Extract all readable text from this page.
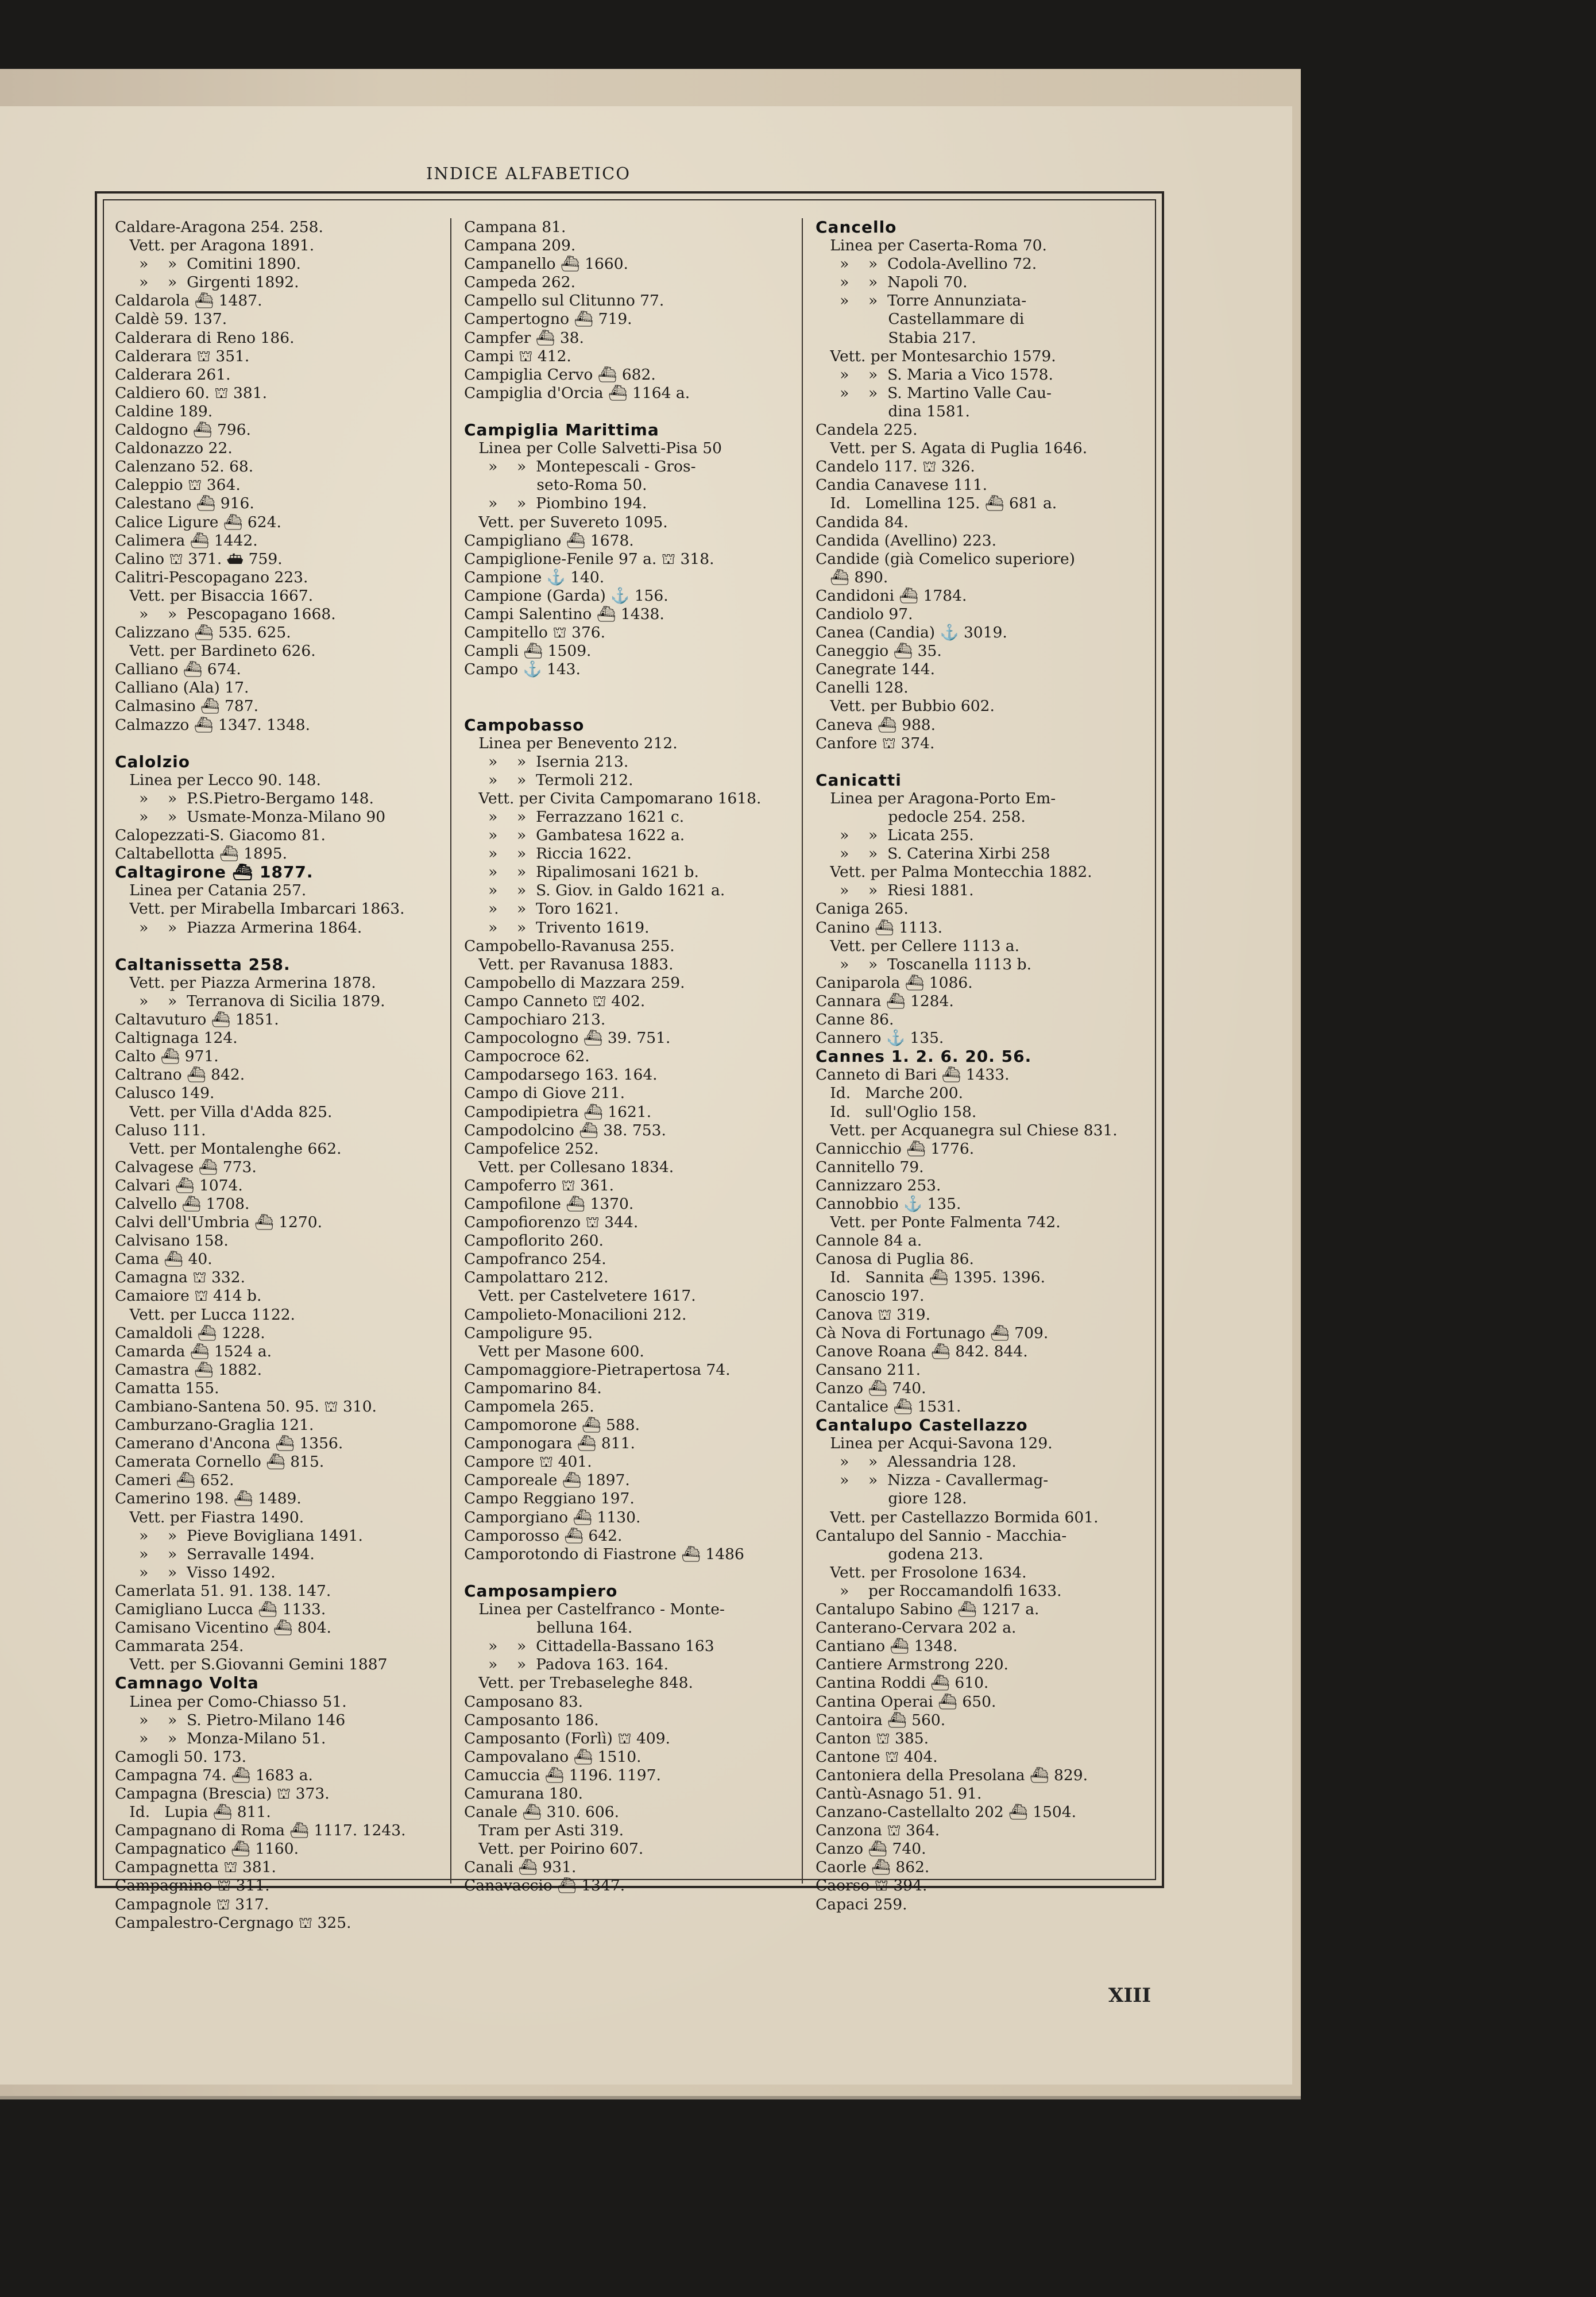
INDICE ALFABETICO
Caldare-Aragona 254. 258.
Vett. per Aragona 1891.
»    »  Comitini 1890.
»    »  Girgenti 1892.
Caldarola ⛴ 1487.
Caldè 59. 137.
Calderara di Reno 186.
Calderara ⛫ 351.
Calderara 261.
Caldiero 60. ⛫ 381.
Caldine 189.
Caldogno ⛴ 796.
Caldonazzo 22.
Calenzano 52. 68.
Caleppio ⛫ 364.
Calestano ⛴ 916.
Calice Ligure ⛴ 624.
Calimera ⛴ 1442.
Calino ⛫ 371. ⛴ 759.
Calitri-Pescopagano 223.
Vett. per Bisaccia 1667.
»    »  Pescopagano 1668.
Calizzano ⛴ 535. 625.
Vett. per Bardineto 626.
Calliano ⛴ 674.
Calliano (Ala) 17.
Calmasino ⛴ 787.
Calmazzo ⛴ 1347. 1348.
Calolzio
Linea per Lecco 90. 148.
»    »  P.S.Pietro-Bergamo 148.
»    »  Usmate-Monza-Milano 90
Calopezzati-S. Giacomo 81.
Caltabellotta ⛴ 1895.
Caltagirone ⛴ 1877.
Linea per Catania 257.
Vett. per Mirabella Imbarcari 1863.
»    »  Piazza Armerina 1864.
Caltanissetta 258.
Vett. per Piazza Armerina 1878.
»    »  Terranova di Sicilia 1879.
Caltavuturo ⛴ 1851.
Caltignaga 124.
Calto ⛴ 971.
Caltrano ⛴ 842.
Calusco 149.
Vett. per Villa d'Adda 825.
Caluso 111.
Vett. per Montalenghe 662.
Calvagese ⛴ 773.
Calvari ⛴ 1074.
Calvello ⛴ 1708.
Calvi dell'Umbria ⛴ 1270.
Calvisano 158.
Cama ⛴ 40.
Camagna ⛫ 332.
Camaiore ⛫ 414 b.
Vett. per Lucca 1122.
Camaldoli ⛴ 1228.
Camarda ⛴ 1524 a.
Camastra ⛴ 1882.
Camatta 155.
Cambiano-Santena 50. 95. ⛫ 310.
Camburzano-Graglia 121.
Camerano d'Ancona ⛴ 1356.
Camerata Cornello ⛴ 815.
Cameri ⛴ 652.
Camerino 198. ⛴ 1489.
Vett. per Fiastra 1490.
»    »  Pieve Bovigliana 1491.
»    »  Serravalle 1494.
»    »  Visso 1492.
Camerlata 51. 91. 138. 147.
Camigliano Lucca ⛴ 1133.
Camisano Vicentino ⛴ 804.
Cammarata 254.
Vett. per S.Giovanni Gemini 1887
Camnago Volta
Linea per Como-Chiasso 51.
»    »  S. Pietro-Milano 146
»    »  Monza-Milano 51.
Camogli 50. 173.
Campagna 74. ⛴ 1683 a.
Campagna (Brescia) ⛫ 373.
Id.   Lupia ⛴ 811.
Campagnano di Roma ⛴ 1117. 1243.
Campagnatico ⛴ 1160.
Campagnetta ⛫ 381.
Campagnino ⛫ 311.
Campagnole ⛫ 317.
Campalestro-Cergnago ⛫ 325.
Campana 81.
Campana 209.
Campanello ⛴ 1660.
Campeda 262.
Campello sul Clitunno 77.
Campertogno ⛴ 719.
Campfer ⛴ 38.
Campi ⛫ 412.
Campiglia Cervo ⛴ 682.
Campiglia d'Orcia ⛴ 1164 a.
Campiglia Marittima
Linea per Colle Salvetti-Pisa 50
»    »  Montepescali - Gros-
seto-Roma 50.
»    »  Piombino 194.
Vett. per Suvereto 1095.
Campigliano ⛴ 1678.
Campiglione-Fenile 97 a. ⛫ 318.
Campione ⚓ 140.
Campione (Garda) ⚓ 156.
Campi Salentino ⛴ 1438.
Campitello ⛫ 376.
Campli ⛴ 1509.
Campo ⚓ 143.
Campobasso
Linea per Benevento 212.
»    »  Isernia 213.
»    »  Termoli 212.
Vett. per Civita Campomarano 1618.
»    »  Ferrazzano 1621 c.
»    »  Gambatesa 1622 a.
»    »  Riccia 1622.
»    »  Ripalimosani 1621 b.
»    »  S. Giov. in Galdo 1621 a.
»    »  Toro 1621.
»    »  Trivento 1619.
Campobello-Ravanusa 255.
Vett. per Ravanusa 1883.
Campobello di Mazzara 259.
Campo Canneto ⛫ 402.
Campochiaro 213.
Campocologno ⛴ 39. 751.
Campocroce 62.
Campodarsego 163. 164.
Campo di Giove 211.
Campodipietra ⛴ 1621.
Campodolcino ⛴ 38. 753.
Campofelice 252.
Vett. per Collesano 1834.
Campoferro ⛫ 361.
Campofilone ⛴ 1370.
Campofiorenzo ⛫ 344.
Campoflorito 260.
Campofranco 254.
Campolattaro 212.
Vett. per Castelvetere 1617.
Campolieto-Monacilioni 212.
Campoligure 95.
Vett per Masone 600.
Campomaggiore-Pietrapertosa 74.
Campomarino 84.
Campomela 265.
Campomorone ⛴ 588.
Camponogara ⛴ 811.
Campore ⛫ 401.
Camporeale ⛴ 1897.
Campo Reggiano 197.
Camporgiano ⛴ 1130.
Camporosso ⛴ 642.
Camporotondo di Fiastrone ⛴ 1486
Camposampiero
Linea per Castelfranco - Monte-
belluna 164.
»    »  Cittadella-Bassano 163
»    »  Padova 163. 164.
Vett. per Trebaseleghe 848.
Camposano 83.
Camposanto 186.
Camposanto (Forlì) ⛫ 409.
Campovalano ⛴ 1510.
Camuccia ⛴ 1196. 1197.
Camurana 180.
Canale ⛴ 310. 606.
Tram per Asti 319.
Vett. per Poirino 607.
Canali ⛴ 931.
Canavaccio ⛴ 1347.
Cancello
Linea per Caserta-Roma 70.
»    »  Codola-Avellino 72.
»    »  Napoli 70.
»    »  Torre Annunziata-
Castellammare di
Stabia 217.
Vett. per Montesarchio 1579.
»    »  S. Maria a Vico 1578.
»    »  S. Martino Valle Cau-
dina 1581.
Candela 225.
Vett. per S. Agata di Puglia 1646.
Candelo 117. ⛫ 326.
Candia Canavese 111.
Id.   Lomellina 125. ⛴ 681 a.
Candida 84.
Candida (Avellino) 223.
Candide (già Comelico superiore)
⛴ 890.
Candidoni ⛴ 1784.
Candiolo 97.
Canea (Candia) ⚓ 3019.
Caneggio ⛴ 35.
Canegrate 144.
Canelli 128.
Vett. per Bubbio 602.
Caneva ⛴ 988.
Canfore ⛫ 374.
Canicatti
Linea per Aragona-Porto Em-
pedocle 254. 258.
»    »  Licata 255.
»    »  S. Caterina Xirbi 258
Vett. per Palma Montecchia 1882.
»    »  Riesi 1881.
Caniga 265.
Canino ⛴ 1113.
Vett. per Cellere 1113 a.
»    »  Toscanella 1113 b.
Caniparola ⛴ 1086.
Cannara ⛴ 1284.
Canne 86.
Cannero ⚓ 135.
Cannes 1. 2. 6. 20. 56.
Canneto di Bari ⛴ 1433.
Id.   Marche 200.
Id.   sull'Oglio 158.
Vett. per Acquanegra sul Chiese 831.
Cannicchio ⛴ 1776.
Cannitello 79.
Cannizzaro 253.
Cannobbio ⚓ 135.
Vett. per Ponte Falmenta 742.
Cannole 84 a.
Canosa di Puglia 86.
Id.   Sannita ⛴ 1395. 1396.
Canoscio 197.
Canova ⛫ 319.
Cà Nova di Fortunago ⛴ 709.
Canove Roana ⛴ 842. 844.
Cansano 211.
Canzo ⛴ 740.
Cantalice ⛴ 1531.
Cantalupo Castellazzo
Linea per Acqui-Savona 129.
»    »  Alessandria 128.
»    »  Nizza - Cavallermag-
giore 128.
Vett. per Castellazzo Bormida 601.
Cantalupo del Sannio - Macchia-
godena 213.
Vett. per Frosolone 1634.
»    per Roccamandolfi 1633.
Cantalupo Sabino ⛴ 1217 a.
Canterano-Cervara 202 a.
Cantiano ⛴ 1348.
Cantiere Armstrong 220.
Cantina Roddi ⛴ 610.
Cantina Operai ⛴ 650.
Cantoira ⛴ 560.
Canton ⛫ 385.
Cantone ⛫ 404.
Cantoniera della Presolana ⛴ 829.
Cantù-Asnago 51. 91.
Canzano-Castellalto 202 ⛴ 1504.
Canzona ⛫ 364.
Canzo ⛴ 740.
Caorle ⛴ 862.
Caorso ⛫ 394.
Capaci 259.
XIII
